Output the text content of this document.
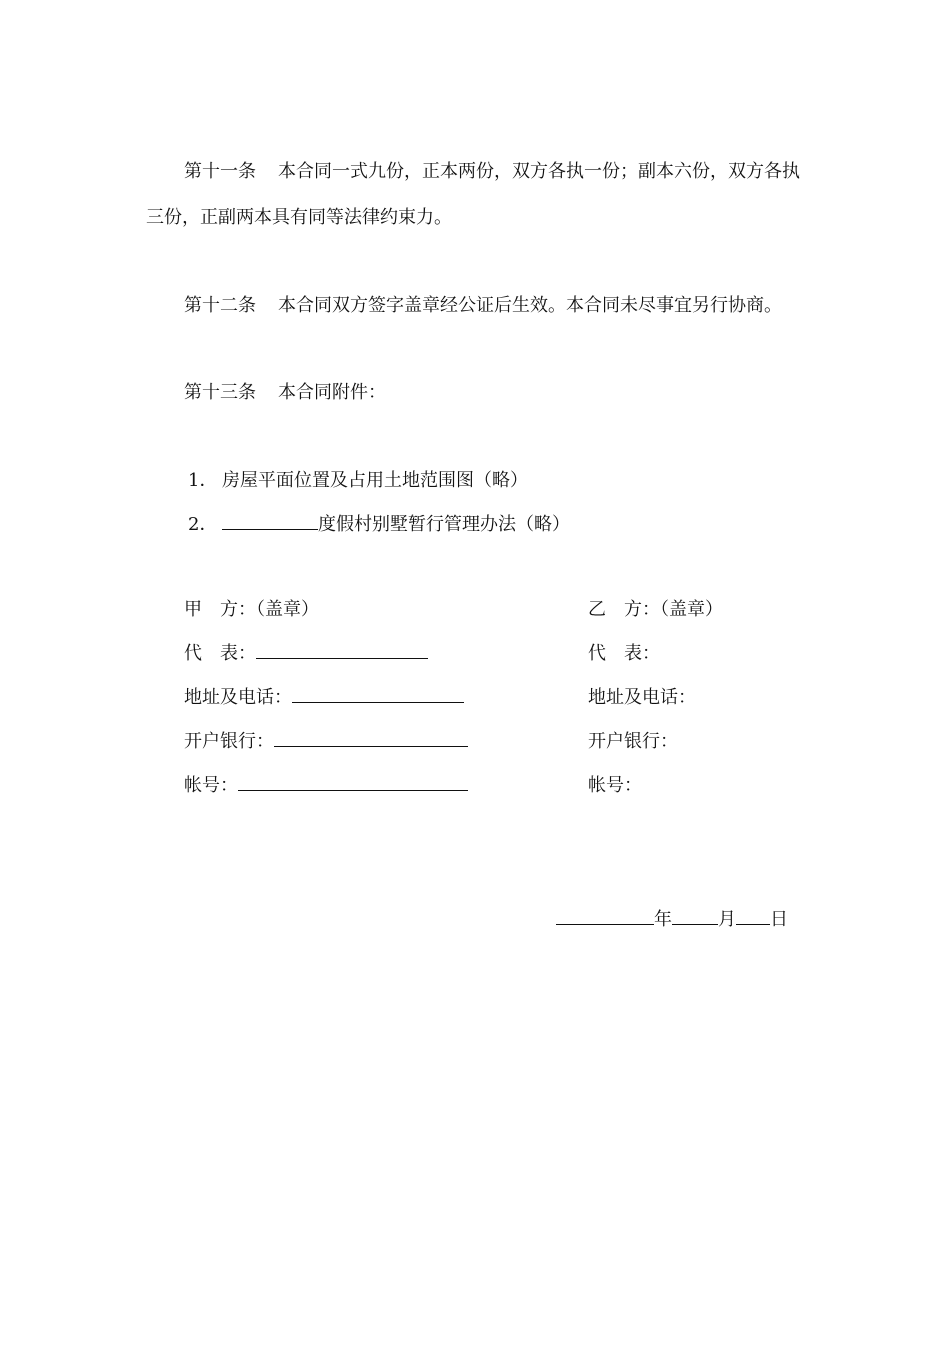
第十一条 本合同一式九份，正本两份，双方各执一份；副本六份，双方各执
三份，正副两本具有同等法律约束力。
第十二条 本合同双方签字盖章经公证后生效。本合同未尽事宜另行协商。
第十三条 本合同附件：
1． 房屋平面位置及占用土地范围图（略）
2．	度假村别墅暂行管理办法（略）
甲　方：（盖章）
代　表：
地址及电话：
开户银行：
帐号：
乙　方：（盖章）
代　表：
地址及电话：
开户银行：
帐号：
年	月 日
